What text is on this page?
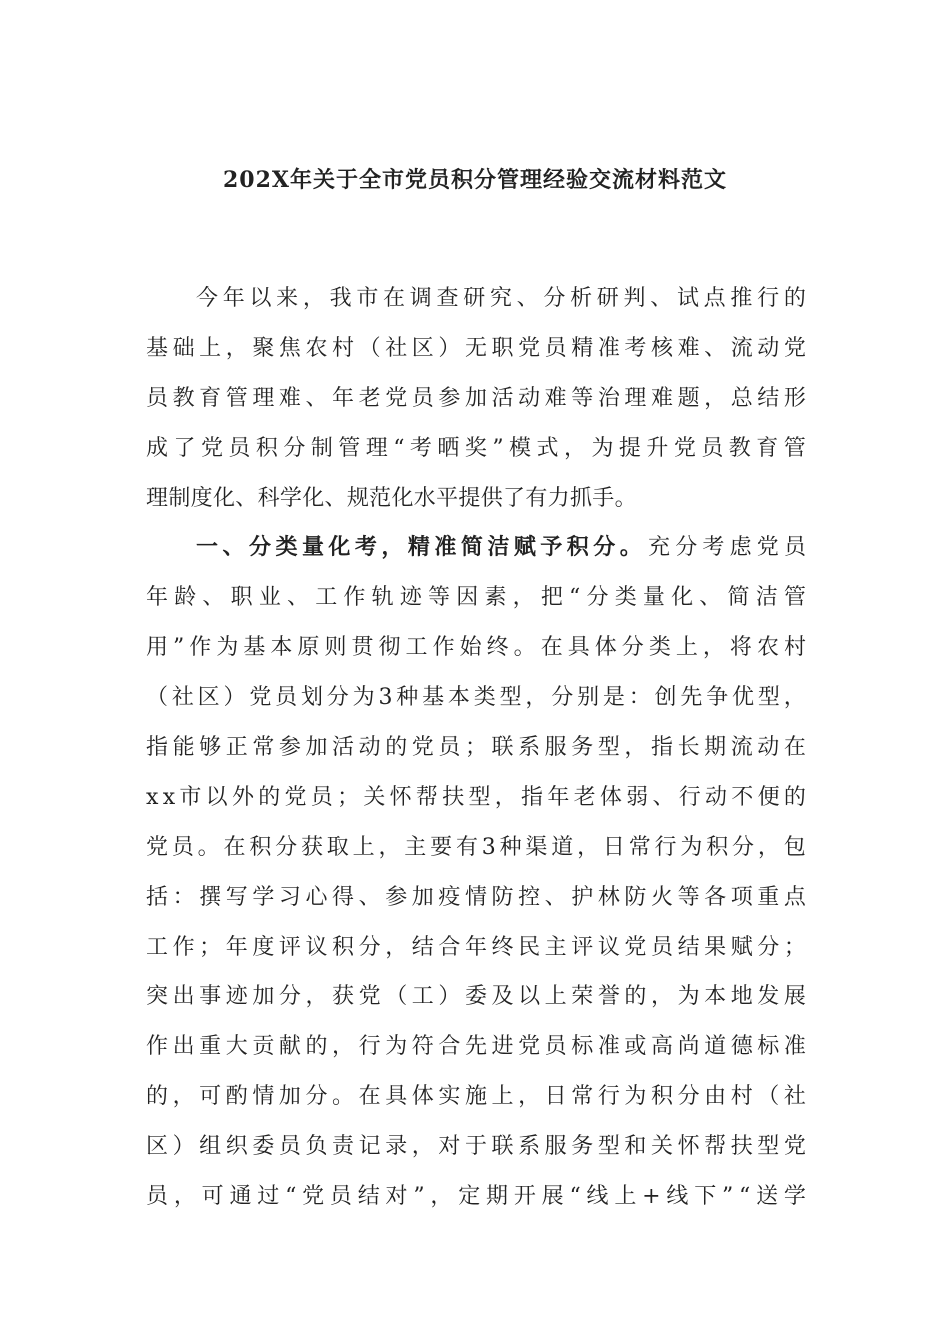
202X年关于全市党员积分管理经验交流材料范文
今 年 以 来 ， 我 市 在 调 查 研 究 、 分 析 研 判 、 试 点 推 行 的
基 础 上 ， 聚 焦 农 村 （ 社 区 ） 无 职 党 员 精 准 考 核 难 、 流 动 党
员 教 育 管 理 难 、 年 老 党 员 参 加 活 动 难 等 治 理 难 题 ， 总 结 形
成 了 党 员 积 分 制 管 理 “ 考 晒 奖 ” 模 式 ， 为 提 升 党 员 教 育 管
理 制 度 化 、 科 学 化 、 规 范 化 水 平 提 供 了 有 力 抓 手 。
一 、 分 类 量 化 考 ， 精 准 简 洁 赋 予 积 分 。 充 分 考 虑 党 员
年 龄 、 职 业 、 工 作 轨 迹 等 因 素 ， 把 “ 分 类 量 化 、 简 洁 管
用 ” 作 为 基 本 原 则 贯 彻 工 作 始 终 。 在 具 体 分 类 上 ， 将 农 村
（ 社 区 ） 党 员 划 分 为 3 种 基 本 类 型 ， 分 别 是 ： 创 先 争 优 型 ，
指 能 够 正 常 参 加 活 动 的 党 员 ； 联 系 服 务 型 ， 指 长 期 流 动 在
x x 市 以 外 的 党 员 ； 关 怀 帮 扶 型 ， 指 年 老 体 弱 、 行 动 不 便 的
党 员 。 在 积 分 获 取 上 ， 主 要 有 3 种 渠 道 ， 日 常 行 为 积 分 ， 包
括 ： 撰 写 学 习 心 得 、 参 加 疫 情 防 控 、 护 林 防 火 等 各 项 重 点
工 作 ； 年 度 评 议 积 分 ， 结 合 年 终 民 主 评 议 党 员 结 果 赋 分 ；
突 出 事 迹 加 分 ， 获 党 （ 工 ） 委 及 以 上 荣 誉 的 ， 为 本 地 发 展
作 出 重 大 贡 献 的 ， 行 为 符 合 先 进 党 员 标 准 或 高 尚 道 德 标 准
的 ， 可 酌 情 加 分 。 在 具 体 实 施 上 ， 日 常 行 为 积 分 由 村 （ 社
区 ） 组 织 委 员 负 责 记 录 ， 对 于 联 系 服 务 型 和 关 怀 帮 扶 型 党
员 ， 可 通 过 “ 党 员 结 对 ” ， 定 期 开 展 “ 线 上 + 线 下 ” “ 送 学
